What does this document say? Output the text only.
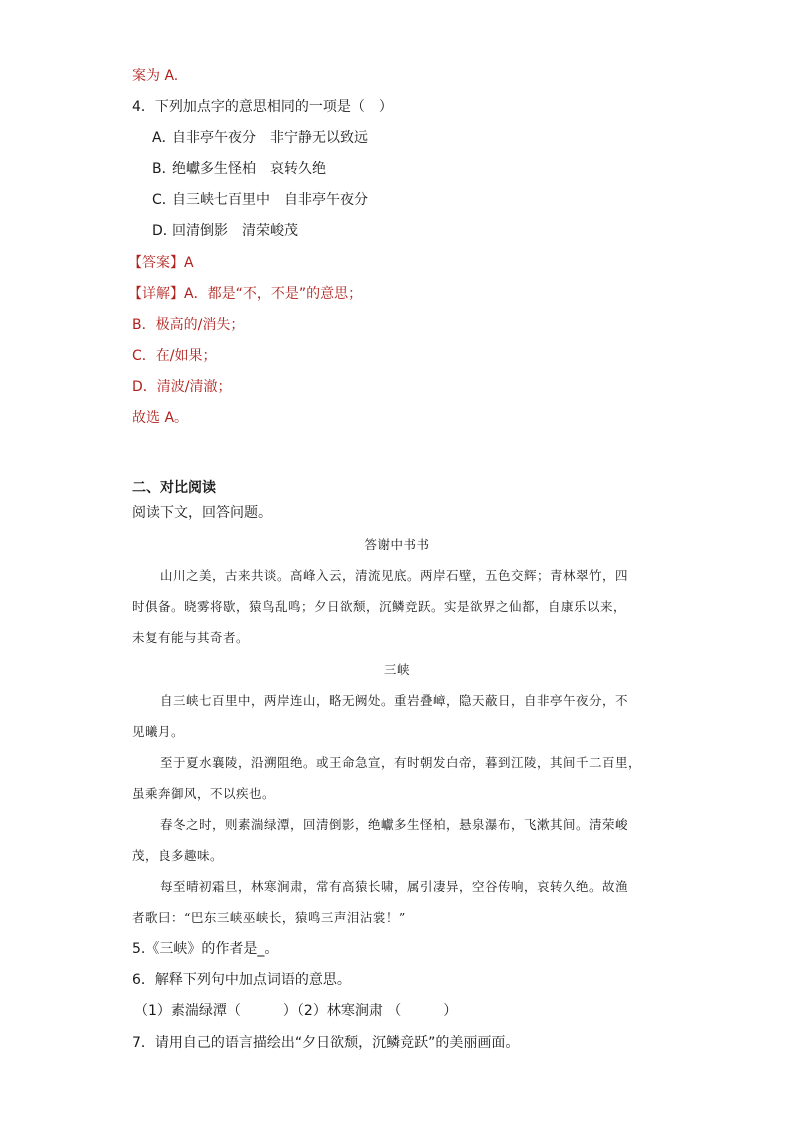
案为 A.
4．下列加点字的意思相同的一项是（　）
A．自非亭午夜分　非宁静无以致远
B．绝巘多生怪柏　哀转久绝
C．自三峡七百里中　自非亭午夜分
D．回清倒影　清荣峻茂
【答案】A
【详解】A．都是“不，不是”的意思；
B．极高的/消失；
C．在/如果；
D．清波/清澈；
故选 A。
二、对比阅读
阅读下文，回答问题。
答谢中书书
山川之美，古来共谈。高峰入云，清流见底。两岸石壁，五色交辉；青林翠竹，四
时俱备。晓雾将歇，猿鸟乱鸣；夕日欲颓，沉鳞竞跃。实是欲界之仙都，自康乐以来，
未复有能与其奇者。
三峡
自三峡七百里中，两岸连山，略无阙处。重岩叠嶂，隐天蔽日，自非亭午夜分，不
见曦月。
至于夏水襄陵，沿溯阻绝。或王命急宣，有时朝发白帝，暮到江陵，其间千二百里，
虽乘奔御风，不以疾也。
春冬之时，则素湍绿潭，回清倒影，绝巘多生怪柏，悬泉瀑布，飞漱其间。清荣峻
茂，良多趣味。
每至晴初霜旦，林寒涧肃，常有高猿长啸，属引凄异，空谷传响，哀转久绝。故渔
者歌曰：“巴东三峡巫峡长，猿鸣三声泪沾裳！”
5.《三峡》的作者是_。
6．解释下列句中加点词语的意思。
（1）素湍绿潭（　　　）（2）林寒涧肃 （　　　）
7．请用自己的语言描绘出“夕日欲颓，沉鳞竞跃”的美丽画面。
